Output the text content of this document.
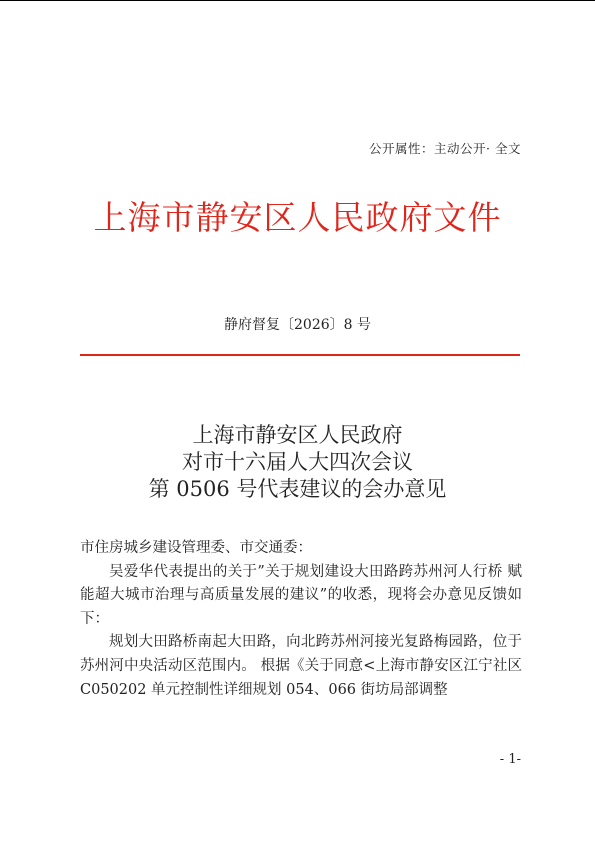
公开属性：主动公开· 全文
上海市静安区人民政府文件
静府督复〔2026〕8 号
上海市静安区人民政府
对市十六届人大四次会议
第 0506 号代表建议的会办意见

市住房城乡建设管理委、市交通委：

吴爱华代表提出的关于”关于规划建设大田路跨苏州河人行桥 赋能超大城市治理与高质量发展的建议”的收悉，现将会办意见反馈如下：

规划大田路桥南起大田路，向北跨苏州河接光复路梅园路，位于苏州河中央活动区范围内。 根据《关于同意<上海市静安区江宁社区 C050202 单元控制性详细规划 054、066 街坊局部调整

- 1-
